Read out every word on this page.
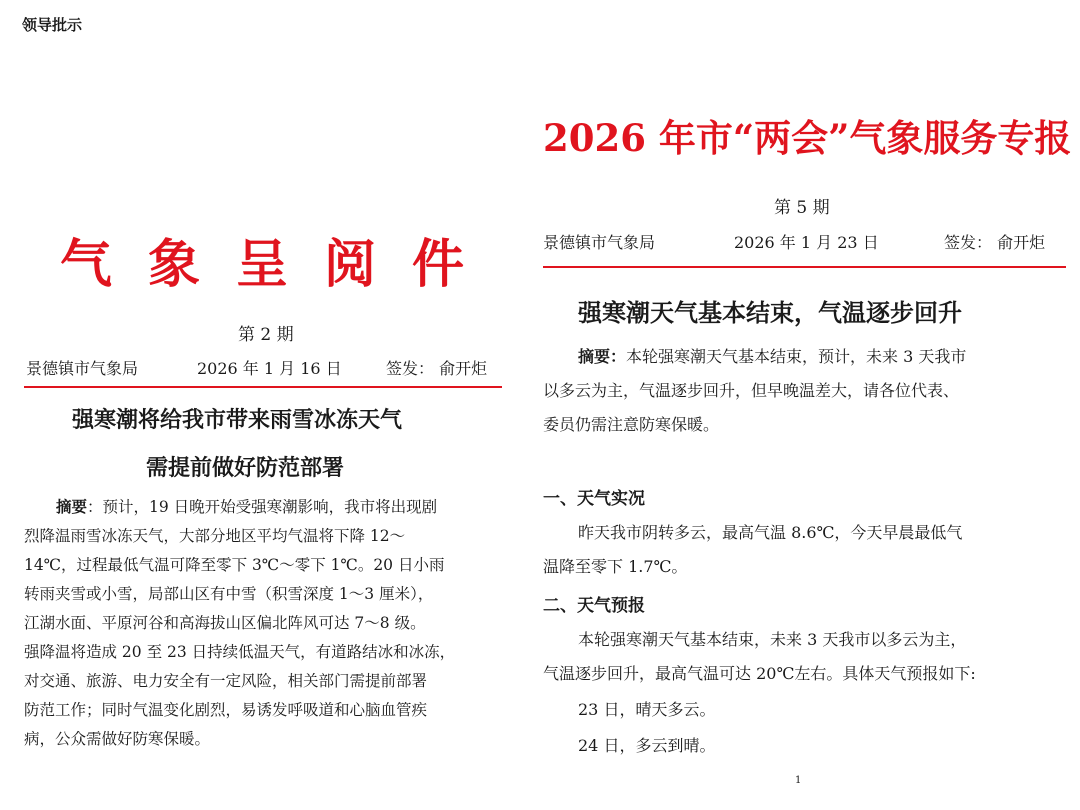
领导批示
气象呈阅件
第 2 期
景德镇市气象局	2026 年 1 月 16 日	签发： 俞开炬
强寒潮将给我市带来雨雪冰冻天气
需提前做好防范部署
摘要：预计，19 日晚开始受强寒潮影响，我市将出现剧
烈降温雨雪冰冻天气，大部分地区平均气温将下降 12～
14℃，过程最低气温可降至零下 3℃～零下 1℃。20 日小雨
转雨夹雪或小雪，局部山区有中雪（积雪深度 1～3 厘米），
江湖水面、平原河谷和高海拔山区偏北阵风可达 7～8 级。
强降温将造成 20 至 23 日持续低温天气，有道路结冰和冰冻，
对交通、旅游、电力安全有一定风险，相关部门需提前部署
防范工作；同时气温变化剧烈，易诱发呼吸道和心脑血管疾
病，公众需做好防寒保暖。
2026 年市“两会”气象服务专报
第 5 期
景德镇市气象局	2026 年 1 月 23 日	签发： 俞开炬
强寒潮天气基本结束，气温逐步回升
摘要：本轮强寒潮天气基本结束，预计，未来 3 天我市
以多云为主，气温逐步回升，但早晚温差大，请各位代表、
委员仍需注意防寒保暖。
一、天气实况
昨天我市阴转多云，最高气温 8.6℃，今天早晨最低气
温降至零下 1.7℃。
二、天气预报
本轮强寒潮天气基本结束，未来 3 天我市以多云为主，
气温逐步回升，最高气温可达 20℃左右。具体天气预报如下:
23 日，晴天多云。
24 日，多云到晴。
1
